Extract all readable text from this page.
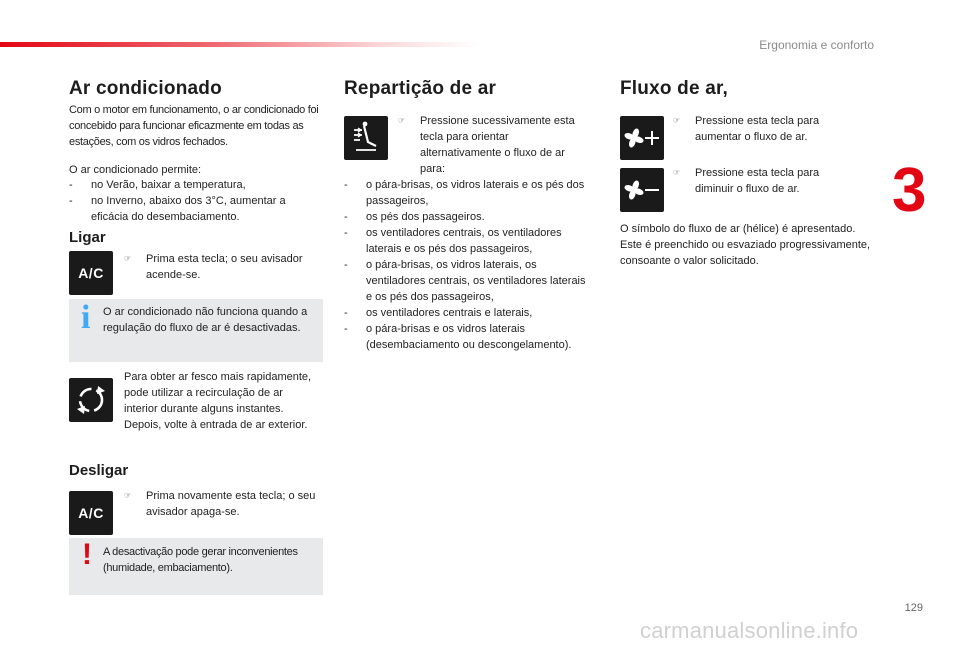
Ergonomia e conforto
3
129
carmanualsonline.info
Ar condicionado
Com o motor em funcionamento, o ar condicionado foi concebido para funcionar eficazmente em todas as estações, com os vidros fechados.
O ar condicionado permite:
- no Verão, baixar a temperatura,
- no Inverno, abaixo dos 3°C, aumentar a eficácia do desembaciamento.
Ligar
A/C
☞	Prima esta tecla; o seu avisador acende-se.
i O ar condicionado não funciona quando a regulação do fluxo de ar é desactivadas.
Para obter ar fesco mais rapidamente, pode utilizar a recirculação de ar interior durante alguns instantes. Depois, volte à entrada de ar exterior.
Desligar
A/C
☞	Prima novamente esta tecla; o seu avisador apaga-se.
! A desactivação pode gerar inconvenientes (humidade, embaciamento).
Repartição de ar
☞	Pressione sucessivamente esta tecla para orientar alternativamente o fluxo de ar para:
- o pára-brisas, os vidros laterais e os pés dos passageiros,
- os pés dos passageiros.
- os ventiladores centrais, os ventiladores laterais e os pés dos passageiros,
- o pára-brisas, os vidros laterais, os ventiladores centrais, os ventiladores laterais e os pés dos passageiros,
- os ventiladores centrais e laterais,
- o pára-brisas e os vidros laterais (desembaciamento ou descongelamento).
Fluxo de ar,
☞	Pressione esta tecla para aumentar o fluxo de ar.
☞	Pressione esta tecla para diminuir o fluxo de ar.
O símbolo do fluxo de ar (hélice) é apresentado. Este é preenchido ou esvaziado progressivamente, consoante o valor solicitado.
